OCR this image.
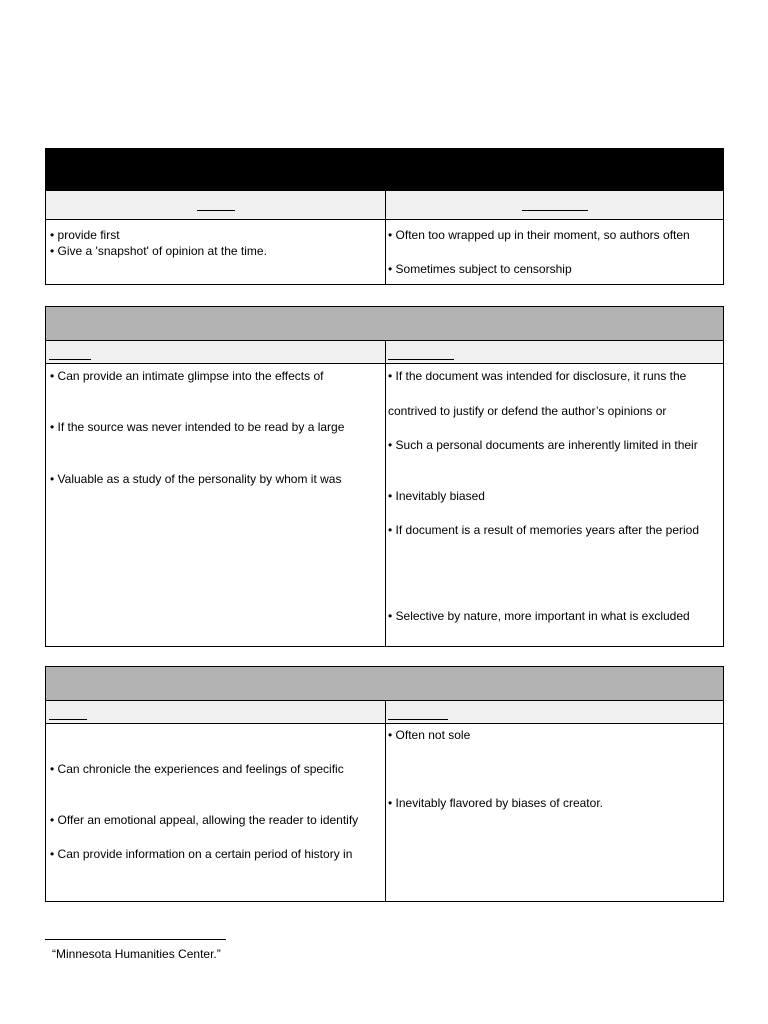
• provide first
• Give a 'snapshot' of opinion at the time.
• Often too wrapped up in their moment, so authors often
• Sometimes subject to censorship
• Can provide an intimate glimpse into the effects of
• If the source was never intended to be read by a large
• Valuable as a study of the personality by whom it was
• If the document was intended for disclosure, it runs the
contrived to justify or defend the author’s opinions or
• Such a personal documents are inherently limited in their
• Inevitably biased
• If document is a result of memories years after the period
• Selective by nature, more important in what is excluded
• Can chronicle the experiences and feelings of specific
• Offer an emotional appeal, allowing the reader to identify
• Can provide information on a certain period of history in
• Often not sole
• Inevitably flavored by biases of creator.
“Minnesota Humanities Center.”
